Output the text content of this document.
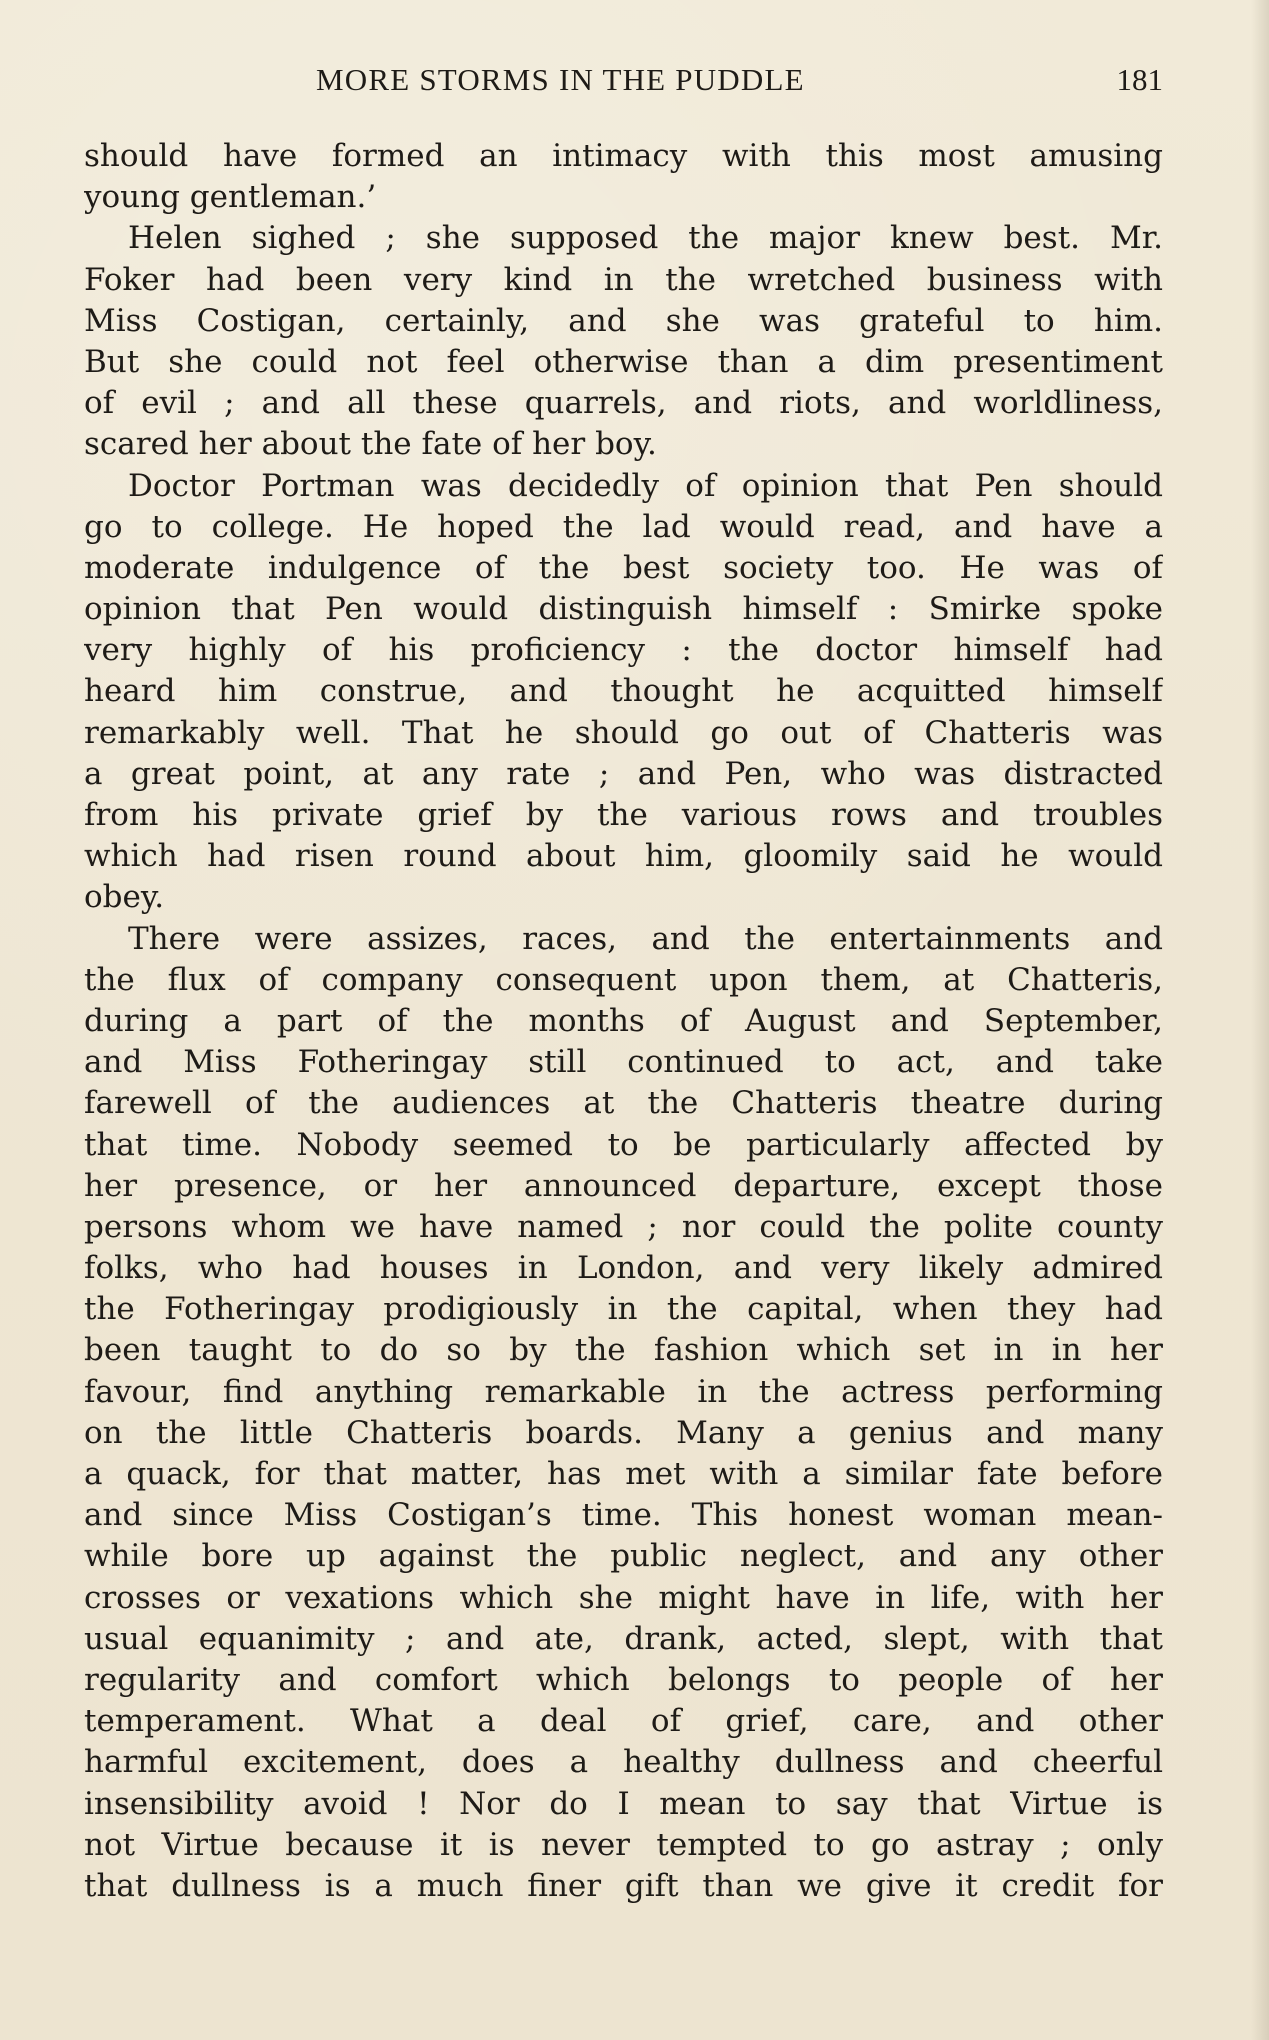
MORE STORMS IN THE PUDDLE	181
should have formed an intimacy with this most amusing
young gentleman.’
Helen sighed ; she supposed the major knew best. Mr.
Foker had been very kind in the wretched business with
Miss Costigan, certainly, and she was grateful to him.
But she could not feel otherwise than a dim presentiment
of evil ; and all these quarrels, and riots, and worldliness,
scared her about the fate of her boy.
Doctor Portman was decidedly of opinion that Pen should
go to college. He hoped the lad would read, and have a
moderate indulgence of the best society too. He was of
opinion that Pen would distinguish himself : Smirke spoke
very highly of his proficiency : the doctor himself had
heard him construe, and thought he acquitted himself
remarkably well. That he should go out of Chatteris was
a great point, at any rate ; and Pen, who was distracted
from his private grief by the various rows and troubles
which had risen round about him, gloomily said he would
obey.
There were assizes, races, and the entertainments and
the flux of company consequent upon them, at Chatteris,
during a part of the months of August and September,
and Miss Fotheringay still continued to act, and take
farewell of the audiences at the Chatteris theatre during
that time. Nobody seemed to be particularly affected by
her presence, or her announced departure, except those
persons whom we have named ; nor could the polite county
folks, who had houses in London, and very likely admired
the Fotheringay prodigiously in the capital, when they had
been taught to do so by the fashion which set in in her
favour, find anything remarkable in the actress performing
on the little Chatteris boards. Many a genius and many
a quack, for that matter, has met with a similar fate before
and since Miss Costigan’s time. This honest woman mean-
while bore up against the public neglect, and any other
crosses or vexations which she might have in life, with her
usual equanimity ; and ate, drank, acted, slept, with that
regularity and comfort which belongs to people of her
temperament. What a deal of grief, care, and other
harmful excitement, does a healthy dullness and cheerful
insensibility avoid ! Nor do I mean to say that Virtue is
not Virtue because it is never tempted to go astray ; only
that dullness is a much finer gift than we give it credit for
